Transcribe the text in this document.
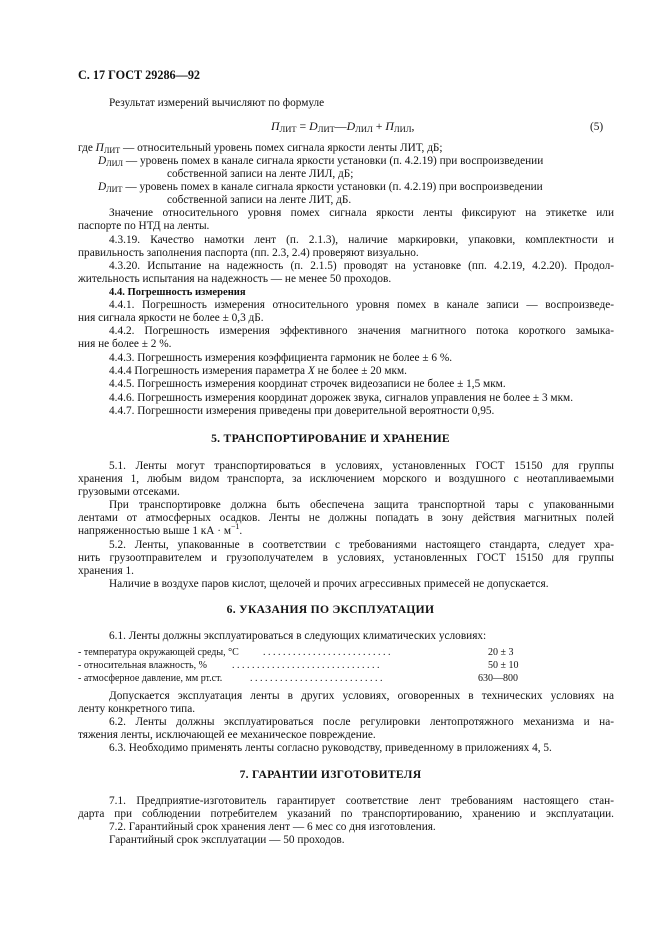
С. 17 ГОСТ 29286—92
Результат измерений вычисляют по формуле
$П_{ЛИТ}$ = $D_{ЛИТ}—D_{ЛИЛ} + П_{ЛИЛ}$,	(5)
где $П_{ЛИТ}$ — относительный уровень помех сигнала яркости ленты ЛИТ, дБ;
$D_{ЛИЛ}$ — уровень помех в канале сигнала яркости установки (п. 4.2.19) при воспроизведении
собственной записи на ленте ЛИЛ, дБ;
$D_{ЛИТ}$ — уровень помех в канале сигнала яркости установки (п. 4.2.19) при воспроизведении
собственной записи на ленте ЛИТ, дБ.
Значение относительного уровня помех сигнала яркости ленты фиксируют на этикетке или
паспорте по НТД на ленты.
4.3.19. Качество намотки лент (п. 2.1.3), наличие маркировки, упаковки, комплектности и
правильность заполнения паспорта (пп. 2.3, 2.4) проверяют визуально.
4.3.20. Испытание на надежность (п. 2.1.5) проводят на установке (пп. 4.2.19, 4.2.20). Продол-
жительность испытания на надежность — не менее 50 проходов.
4.4. Погрешность измерения
4.4.1. Погрешность измерения относительного уровня помех в канале записи — воспроизведе-
ния сигнала яркости не более ± 0,3 дБ.
4.4.2. Погрешность измерения эффективного значения магнитного потока короткого замыка-
ния не более ± 2 %.
4.4.3. Погрешность измерения коэффициента гармоник не более ± 6 %.
4.4.4 Погрешность измерения параметра X не более ± 20 мкм.
4.4.5. Погрешность измерения координат строчек видеозаписи не более ± 1,5 мкм.
4.4.6. Погрешность измерения координат дорожек звука, сигналов управления не более ± 3 мкм.
4.4.7. Погрешности измерения приведены при доверительной вероятности 0,95.
5. ТРАНСПОРТИРОВАНИЕ И ХРАНЕНИЕ
5.1. Ленты могут транспортироваться в условиях, установленных ГОСТ 15150 для группы
хранения 1, любым видом транспорта, за исключением морского и воздушного с неотапливаемыми
грузовыми отсеками.
При транспортировке должна быть обеспечена защита транспортной тары с упакованными
лентами от атмосферных осадков. Ленты не должны попадать в зону действия магнитных полей
напряженностью выше 1 кА · $м^{-1}$.
5.2. Ленты, упакованные в соответствии с требованиями настоящего стандарта, следует хра-
нить грузоотправителем и грузополучателем в условиях, установленных ГОСТ 15150 для группы
хранения 1.
Наличие в воздухе паров кислот, щелочей и прочих агрессивных примесей не допускается.
6. УКАЗАНИЯ ПО ЭКСПЛУАТАЦИИ
6.1. Ленты должны эксплуатироваться в следующих климатических условиях:
- температура окружающей среды, °С . . . . . . . . . . . . . . . . . . . . . . . . . .	20 ± 3
- относительная влажность, %	. . . . . . . . . . . . . . . . . . . . . . . . . . . . . .	50 ± 10
- атмосферное давление, мм рт.ст.	. . . . . . . . . . . . . . . . . . . . . . . . . . .	630—800
Допускается эксплуатация ленты в других условиях, оговоренных в технических условиях на
ленту конкретного типа.
6.2. Ленты должны эксплуатироваться после регулировки лентопротяжного механизма и на-
тяжения ленты, исключающей ее механическое повреждение.
6.3. Необходимо применять ленты согласно руководству, приведенному в приложениях 4, 5.
7. ГАРАНТИИ ИЗГОТОВИТЕЛЯ
7.1. Предприятие-изготовитель гарантирует соответствие лент требованиям настоящего стан-
дарта при соблюдении потребителем указаний по транспортированию, хранению и эксплуатации.
7.2. Гарантийный срок хранения лент — 6 мес со дня изготовления.
Гарантийный срок эксплуатации — 50 проходов.
